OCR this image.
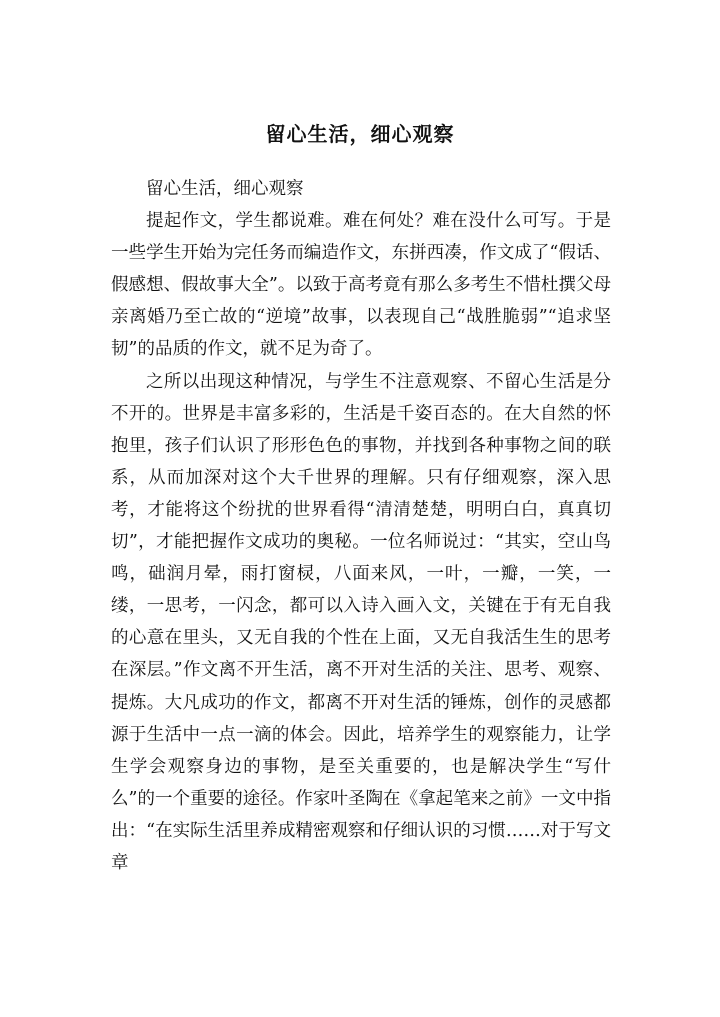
留心生活，细心观察

留心生活，细心观察

提起作文，学生都说难。难在何处？难在没什么可写。于是一些学生开始为完任务而编造作文，东拼西凑，作文成了“假话、假感想、假故事大全”。以致于高考竟有那么多考生不惜杜撰父母亲离婚乃至亡故的“逆境”故事，以表现自己“战胜脆弱”“追求坚韧”的品质的作文，就不足为奇了。

之所以出现这种情况，与学生不注意观察、不留心生活是分不开的。世界是丰富多彩的，生活是千姿百态的。在大自然的怀抱里，孩子们认识了形形色色的事物，并找到各种事物之间的联系，从而加深对这个大千世界的理解。只有仔细观察，深入思考，才能将这个纷扰的世界看得“清清楚楚，明明白白，真真切切”，才能把握作文成功的奥秘。一位名师说过：“其实，空山鸟鸣，础润月晕，雨打窗棂，八面来风，一叶，一瓣，一笑，一缕，一思考，一闪念，都可以入诗入画入文，关键在于有无自我的心意在里头，又无自我的个性在上面，又无自我活生生的思考在深层。”作文离不开生活，离不开对生活的关注、思考、观察、提炼。大凡成功的作文，都离不开对生活的锤炼，创作的灵感都源于生活中一点一滴的体会。因此，培养学生的观察能力，让学生学会观察身边的事物，是至关重要的，也是解决学生“写什么”的一个重要的途径。作家叶圣陶在《拿起笔来之前》一文中指出：“在实际生活里养成精密观察和仔细认识的习惯……对于写文章
